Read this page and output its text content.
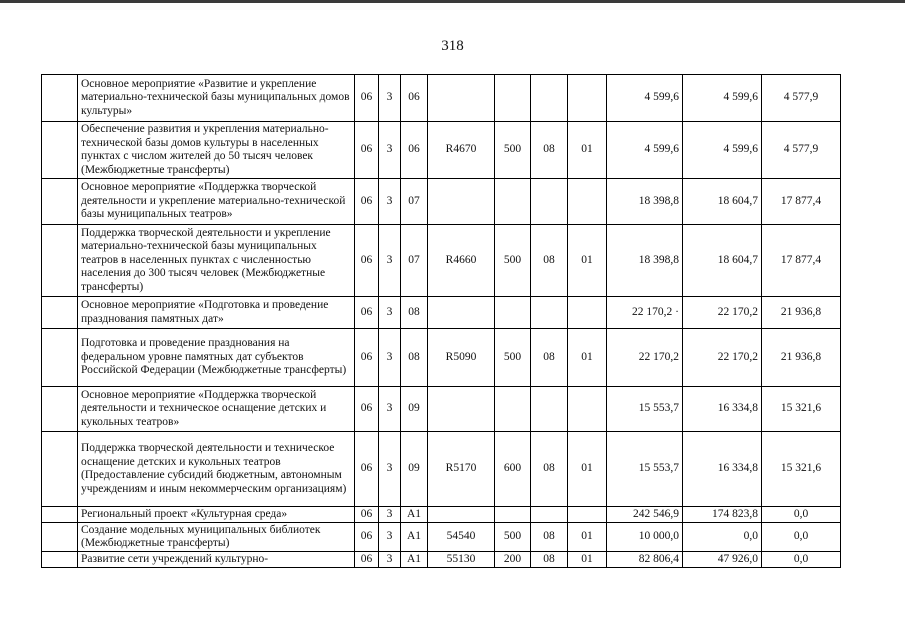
318
	Основное мероприятие «Развитие и укрепление материально-технической базы муниципальных домов культуры»	06	3	06					4 599,6	4 599,6	4 577,9
	Обеспечение развития и укрепления материально-технической базы домов культуры в населенных пунктах с числом жителей до 50 тысяч человек (Межбюджетные трансферты)	06	3	06	R4670	500	08	01	4 599,6	4 599,6	4 577,9
	Основное мероприятие «Поддержка творческой деятельности и укрепление материально-технической базы муниципальных театров»	06	3	07					18 398,8	18 604,7	17 877,4
	Поддержка творческой деятельности и укрепление материально-технической базы муниципальных театров в населенных пунктах с численностью населения до 300 тысяч человек (Межбюджетные трансферты)	06	3	07	R4660	500	08	01	18 398,8	18 604,7	17 877,4
	Основное мероприятие «Подготовка и проведение празднования памятных дат»	06	3	08					22 170,2 ·	22 170,2	21 936,8
	Подготовка и проведение празднования на федеральном уровне памятных дат субъектов Российской Федерации (Межбюджетные трансферты)	06	3	08	R5090	500	08	01	22 170,2	22 170,2	21 936,8
	Основное мероприятие «Поддержка творческой деятельности и техническое оснащение детских и кукольных театров»	06	3	09					15 553,7	16 334,8	15 321,6
	Поддержка творческой деятельности и техническое оснащение детских и кукольных театров (Предоставление субсидий бюджетным, автономным учреждениям и иным некоммерческим организациям)	06	3	09	R5170	600	08	01	15 553,7	16 334,8	15 321,6
	Региональный проект «Культурная среда»	06	3	A1					242 546,9	174 823,8	0,0
	Создание модельных муниципальных библиотек (Межбюджетные трансферты)	06	3	A1	54540	500	08	01	10 000,0	0,0	0,0
	Развитие сети учреждений культурно-	06	3	A1	55130	200	08	01	82 806,4	47 926,0	0,0
